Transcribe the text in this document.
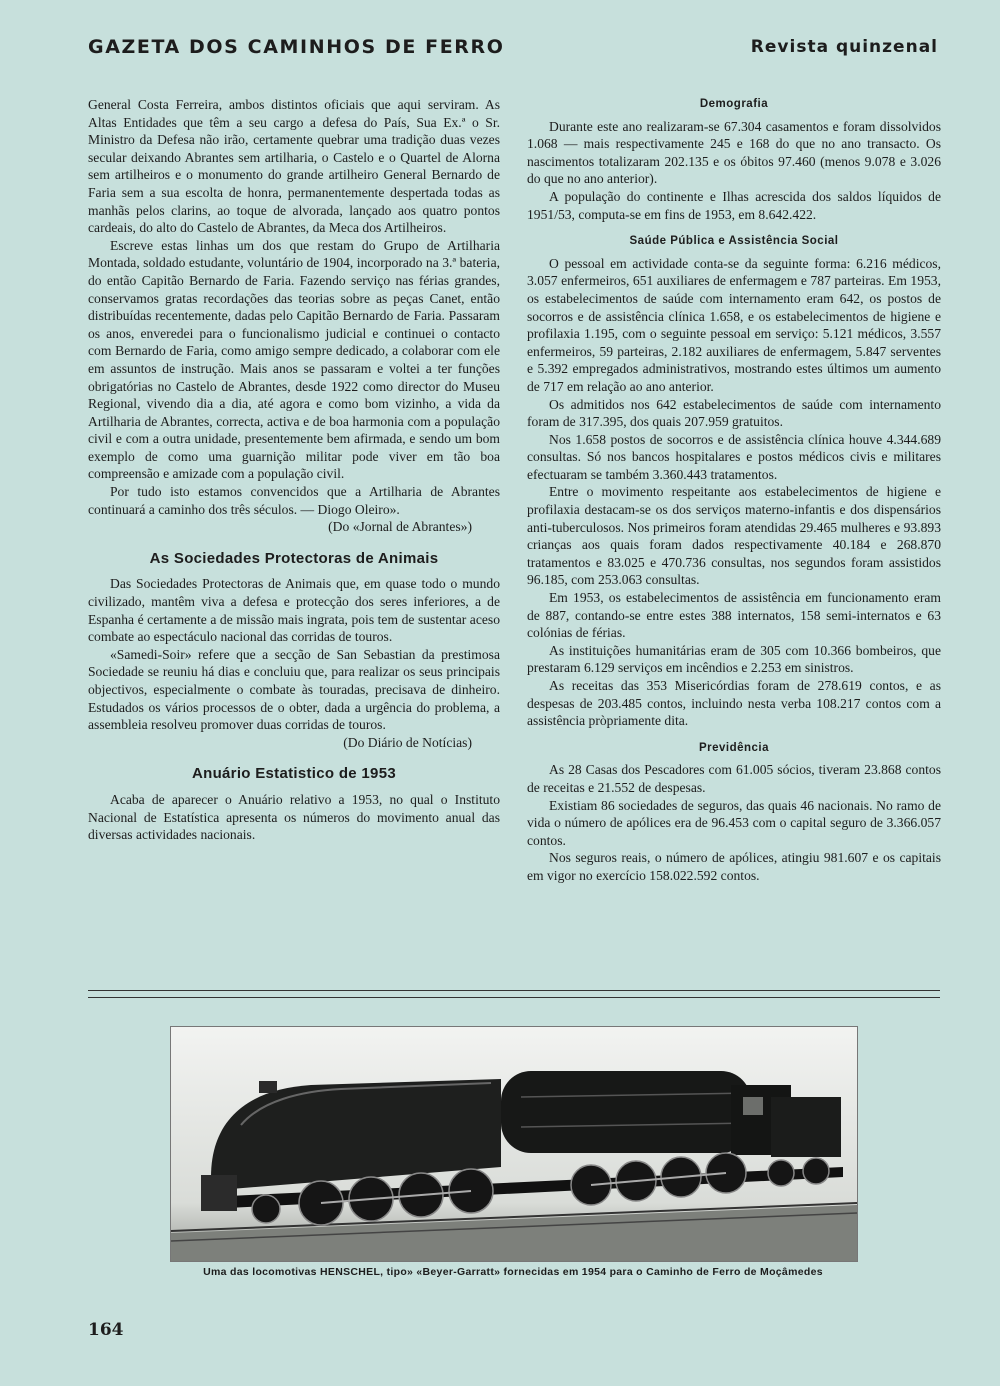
GAZETA DOS CAMINHOS DE FERRO	Revista quinzenal

General Costa Ferreira, ambos distintos oficiais que aqui serviram. As Altas Entidades que têm a seu cargo a defesa do País, Sua Ex.ª o Sr. Ministro da Defesa não irão, certamente quebrar uma tradição duas vezes secular deixando Abrantes sem artilharia, o Castelo e o Quartel de Alorna sem artilheiros e o monumento do grande artilheiro General Bernardo de Faria sem a sua escolta de honra, permanentemente despertada todas as manhãs pelos clarins, ao toque de alvorada, lançado aos quatro pontos cardeais, do alto do Castelo de Abrantes, da Meca dos Artilheiros.

Escreve estas linhas um dos que restam do Grupo de Artilharia Montada, soldado estudante, voluntário de 1904, incorporado na 3.ª bateria, do então Capitão Bernardo de Faria. Fazendo serviço nas férias grandes, conservamos gratas recordações das teorias sobre as peças Canet, então distribuídas recentemente, dadas pelo Capitão Bernardo de Faria. Passaram os anos, enveredei para o funcionalismo judicial e continuei o contacto com Bernardo de Faria, como amigo sempre dedicado, a colaborar com ele em assuntos de instrução. Mais anos se passaram e voltei a ter funções obrigatórias no Castelo de Abrantes, desde 1922 como director do Museu Regional, vivendo dia a dia, até agora e como bom vizinho, a vida da Artilharia de Abrantes, correcta, activa e de boa harmonia com a população civil e com a outra unidade, presentemente bem afirmada, e sendo um bom exemplo de como uma guarnição militar pode viver em tão boa compreensão e amizade com a população civil.

Por tudo isto estamos convencidos que a Artilharia de Abrantes continuará a caminho dos três séculos. — Diogo Oleiro».

(Do «Jornal de Abrantes»)

As Sociedades Protectoras de Animais

Das Sociedades Protectoras de Animais que, em quase todo o mundo civilizado, mantêm viva a defesa e protecção dos seres inferiores, a de Espanha é certamente a de missão mais ingrata, pois tem de sustentar aceso combate ao espectáculo nacional das corridas de touros.

«Samedi-Soir» refere que a secção de San Sebastian da prestimosa Sociedade se reuniu há dias e concluiu que, para realizar os seus principais objectivos, especialmente o combate às touradas, precisava de dinheiro. Estudados os vários processos de o obter, dada a urgência do problema, a assembleia resolveu promover duas corridas de touros.

(Do Diário de Notícias)

Anuário Estatistico de 1953

Acaba de aparecer o Anuário relativo a 1953, no qual o Instituto Nacional de Estatística apresenta os números do movimento anual das diversas actividades nacionais.

Demografia

Durante este ano realizaram-se 67.304 casamentos e foram dissolvidos 1.068 — mais respectivamente 245 e 168 do que no ano transacto. Os nascimentos totalizaram 202.135 e os óbitos 97.460 (menos 9.078 e 3.026 do que no ano anterior).

A população do continente e Ilhas acrescida dos saldos líquidos de 1951/53, computa-se em fins de 1953, em 8.642.422.

Saúde Pública e Assistência Social

O pessoal em actividade conta-se da seguinte forma: 6.216 médicos, 3.057 enfermeiros, 651 auxiliares de enfermagem e 787 parteiras. Em 1953, os estabelecimentos de saúde com internamento eram 642, os postos de socorros e de assistência clínica 1.658, e os estabelecimentos de higiene e profilaxia 1.195, com o seguinte pessoal em serviço: 5.121 médicos, 3.557 enfermeiros, 59 parteiras, 2.182 auxiliares de enfermagem, 5.847 serventes e 5.392 empregados administrativos, mostrando estes últimos um aumento de 717 em relação ao ano anterior.

Os admitidos nos 642 estabelecimentos de saúde com internamento foram de 317.395, dos quais 207.959 gratuitos.

Nos 1.658 postos de socorros e de assistência clínica houve 4.344.689 consultas. Só nos bancos hospitalares e postos médicos civis e militares efectuaram se também 3.360.443 tratamentos.

Entre o movimento respeitante aos estabelecimentos de higiene e profilaxia destacam-se os dos serviços materno-infantis e dos dispensários anti-tuberculosos. Nos primeiros foram atendidas 29.465 mulheres e 93.893 crianças aos quais foram dados respectivamente 40.184 e 268.870 tratamentos e 83.025 e 470.736 consultas, nos segundos foram assistidos 96.185, com 253.063 consultas.

Em 1953, os estabelecimentos de assistência em funcionamento eram de 887, contando-se entre estes 388 internatos, 158 semi-internatos e 63 colónias de férias.

As instituições humanitárias eram de 305 com 10.366 bombeiros, que prestaram 6.129 serviços em incêndios e 2.253 em sinistros.

As receitas das 353 Misericórdias foram de 278.619 contos, e as despesas de 203.485 contos, incluindo nesta verba 108.217 contos com a assistência pròpriamente dita.

Previdência

As 28 Casas dos Pescadores com 61.005 sócios, tiveram 23.868 contos de receitas e 21.552 de despesas.

Existiam 86 sociedades de seguros, das quais 46 nacionais. No ramo de vida o número de apólices era de 96.453 com o capital seguro de 3.366.057 contos.

Nos seguros reais, o número de apólices, atingiu 981.607 e os capitais em vigor no exercício 158.022.592 contos.

Uma das locomotivas HENSCHEL, tipo» «Beyer-Garratt» fornecidas em 1954 para o Caminho de Ferro de Moçâmedes
164
